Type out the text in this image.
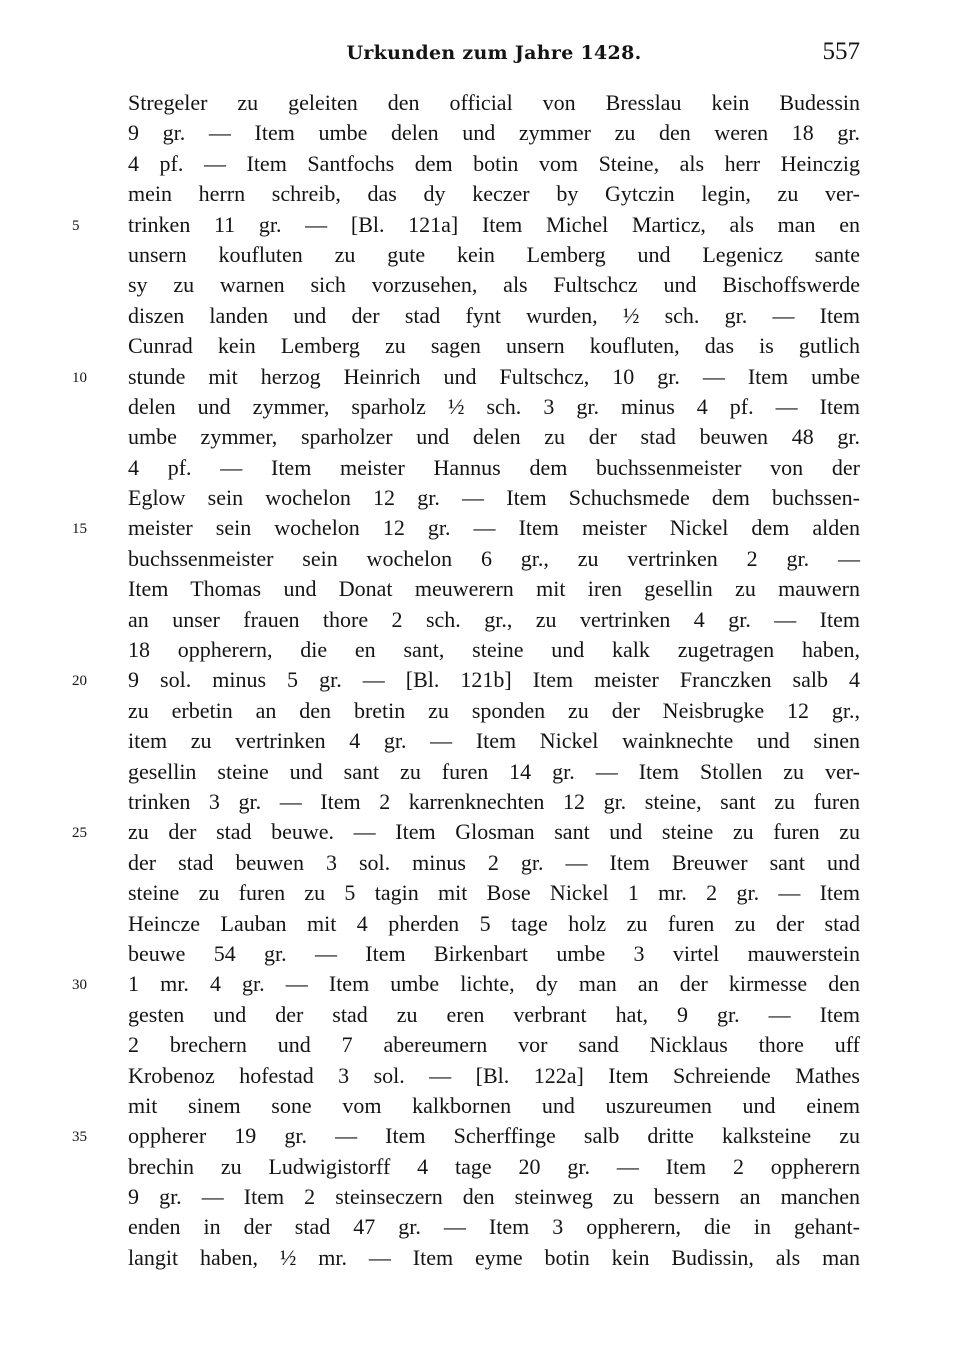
Urkunden zum Jahre 1428.	557
Stregeler zu geleiten den official von Bresslau kein Budessin
9 gr. — Item umbe delen und zymmer zu den weren 18 gr.
4 pf. — Item Santfochs dem botin vom Steine, als herr Heinczig
mein herrn schreib, das dy keczer by Gytczin legin, zu ver-
5	trinken 11 gr. — [Bl. 121a] Item Michel Marticz, als man en
unsern koufluten zu gute kein Lemberg und Legenicz sante
sy zu warnen sich vorzusehen, als Fultschcz und Bischoffswerde
diszen landen und der stad fynt wurden, ½ sch. gr. — Item
Cunrad kein Lemberg zu sagen unsern koufluten, das is gutlich
10	stunde mit herzog Heinrich und Fultschcz, 10 gr. — Item umbe
delen und zymmer, sparholz ½ sch. 3 gr. minus 4 pf. — Item
umbe zymmer, sparholzer und delen zu der stad beuwen 48 gr.
4 pf. — Item meister Hannus dem buchssenmeister von der
Eglow sein wochelon 12 gr. — Item Schuchsmede dem buchssen-
15	meister sein wochelon 12 gr. — Item meister Nickel dem alden
buchssenmeister sein wochelon 6 gr., zu vertrinken 2 gr. —
Item Thomas und Donat meuwerern mit iren gesellin zu mauwern
an unser frauen thore 2 sch. gr., zu vertrinken 4 gr. — Item
18 oppherern, die en sant, steine und kalk zugetragen haben,
20	9 sol. minus 5 gr. — [Bl. 121b] Item meister Franczken salb 4
zu erbetin an den bretin zu sponden zu der Neisbrugke 12 gr.,
item zu vertrinken 4 gr. — Item Nickel wainknechte und sinen
gesellin steine und sant zu furen 14 gr. — Item Stollen zu ver-
trinken 3 gr. — Item 2 karrenknechten 12 gr. steine, sant zu furen
25	zu der stad beuwe. — Item Glosman sant und steine zu furen zu
der stad beuwen 3 sol. minus 2 gr. — Item Breuwer sant und
steine zu furen zu 5 tagin mit Bose Nickel 1 mr. 2 gr. — Item
Heincze Lauban mit 4 pherden 5 tage holz zu furen zu der stad
beuwe 54 gr. — Item Birkenbart umbe 3 virtel mauwerstein
30	1 mr. 4 gr. — Item umbe lichte, dy man an der kirmesse den
gesten und der stad zu eren verbrant hat, 9 gr. — Item
2 brechern und 7 abereumern vor sand Nicklaus thore uff
Krobenoz hofestad 3 sol. — [Bl. 122a] Item Schreiende Mathes
mit sinem sone vom kalkbornen und uszureumen und einem
35	oppherer 19 gr. — Item Scherffinge salb dritte kalksteine zu
brechin zu Ludwigistorff 4 tage 20 gr. — Item 2 oppherern
9 gr. — Item 2 steinseczern den steinweg zu bessern an manchen
enden in der stad 47 gr. — Item 3 oppherern, die in gehant-
langit haben, ½ mr. — Item eyme botin kein Budissin, als man
